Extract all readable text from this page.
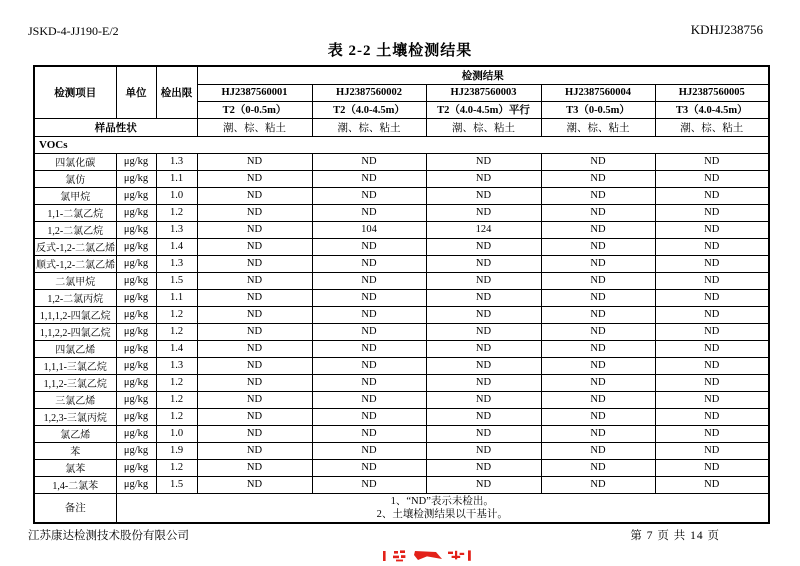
JSKD-4-JJ190-E/2	KDHJ238756
表 2-2 土壤检测结果
检测项目	单位	检出限	检测结果				
			HJ2387560001	HJ2387560002	HJ2387560003	HJ2387560004	HJ2387560005
			T2（0-0.5m）	T2（4.0-4.5m）	T2（4.0-4.5m）平行	T3（0-0.5m）	T3（4.0-4.5m）
样品性状			潮、棕、粘土	潮、棕、粘土	潮、棕、粘土	潮、棕、粘土	潮、棕、粘土
VOCs							
四氯化碳	μg/kg	1.3	ND	ND	ND	ND	ND
氯仿	μg/kg	1.1	ND	ND	ND	ND	ND
氯甲烷	μg/kg	1.0	ND	ND	ND	ND	ND
1,1-二氯乙烷	μg/kg	1.2	ND	ND	ND	ND	ND
1,2-二氯乙烷	μg/kg	1.3	ND	104	124	ND	ND
反式-1,2-二氯乙烯	μg/kg	1.4	ND	ND	ND	ND	ND
顺式-1,2-二氯乙烯	μg/kg	1.3	ND	ND	ND	ND	ND
二氯甲烷	μg/kg	1.5	ND	ND	ND	ND	ND
1,2-二氯丙烷	μg/kg	1.1	ND	ND	ND	ND	ND
1,1,1,2-四氯乙烷	μg/kg	1.2	ND	ND	ND	ND	ND
1,1,2,2-四氯乙烷	μg/kg	1.2	ND	ND	ND	ND	ND
四氯乙烯	μg/kg	1.4	ND	ND	ND	ND	ND
1,1,1-三氯乙烷	μg/kg	1.3	ND	ND	ND	ND	ND
1,1,2-三氯乙烷	μg/kg	1.2	ND	ND	ND	ND	ND
三氯乙烯	μg/kg	1.2	ND	ND	ND	ND	ND
1,2,3-三氯丙烷	μg/kg	1.2	ND	ND	ND	ND	ND
氯乙烯	μg/kg	1.0	ND	ND	ND	ND	ND
苯	μg/kg	1.9	ND	ND	ND	ND	ND
氯苯	μg/kg	1.2	ND	ND	ND	ND	ND
1,4-二氯苯	μg/kg	1.5	ND	ND	ND	ND	ND
备注	1、“ND”表示未检出。
2、土壤检测结果以干基计。						
江苏康达检测技术股份有限公司	第 7 页 共 14 页
